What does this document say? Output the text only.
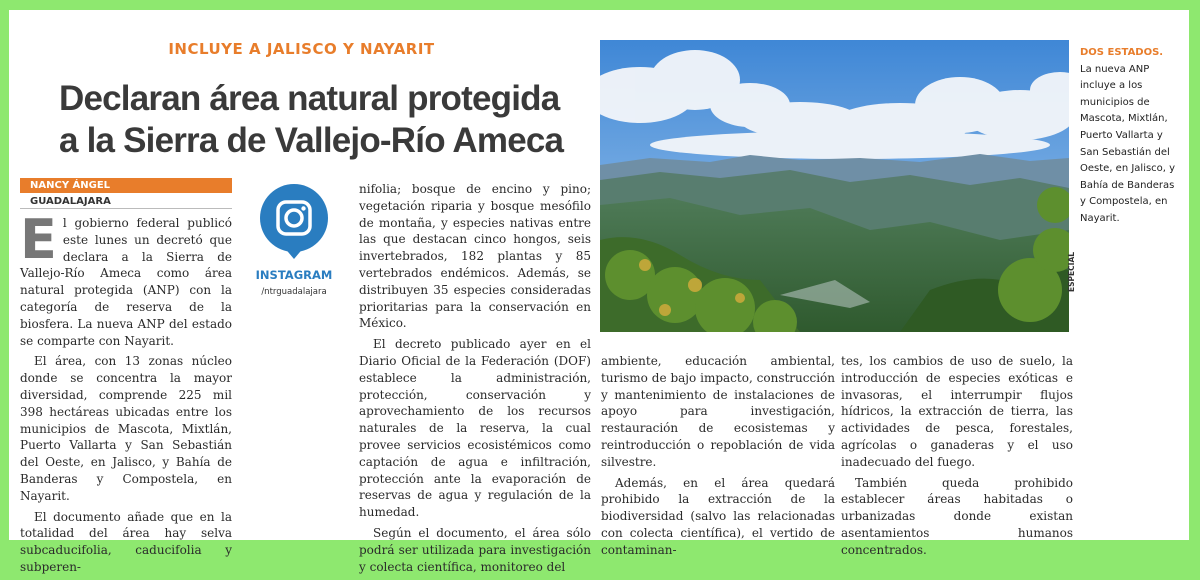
INCLUYE A JALISCO Y NAYARIT
Declaran área natural protegida
a la Sierra de Vallejo-Río Ameca
NANCY ÁNGEL
GUADALAJARA

El gobierno federal publicó este lunes un decretó que declara a la Sierra de Vallejo-Río Ameca como área natural protegida (ANP) con la categoría de reserva de la biosfera. La nueva ANP del estado se comparte con Nayarit.

El área, con 13 zonas núcleo donde se concentra la mayor diversidad, comprende 225 mil 398 hectáreas ubicadas entre los municipios de Mascota, Mixtlán, Puerto Vallarta y San Sebastián del Oeste, en Jalisco, y Bahía de Banderas y Compostela, en Nayarit.

El documento añade que en la totalidad del área hay selva subcaducifolia, caducifolia y subperen-

INSTAGRAM
/ntrguadalajara

nifolia; bosque de encino y pino; vegetación riparia y bosque mesófilo de montaña, y especies nativas entre las que destacan cinco hongos, seis invertebrados, 182 plantas y 85 vertebrados endémicos. Además, se distribuyen 35 especies consideradas prioritarias para la conservación en México.

El decreto publicado ayer en el Diario Oficial de la Federación (DOF) establece la administración, protección, conservación y aprovechamiento de los recursos naturales de la reserva, la cual provee servicios ecosistémicos como captación de agua e infiltración, protección ante la evaporación de reservas de agua y regulación de la humedad.

Según el documento, el área sólo podrá ser utilizada para investigación y colecta científica, monitoreo del

ESPECIAL
DOS ESTADOS.
La nueva ANP incluye a los municipios de Mascota, Mixtlán, Puerto Vallarta y San Sebastián del Oeste, en Jalisco, y Bahía de Banderas y Compostela, en Nayarit.

ambiente, educación ambiental, turismo de bajo impacto, construcción y mantenimiento de instalaciones de apoyo para investigación, restauración de ecosistemas y reintroducción o repoblación de vida silvestre.

Además, en el área quedará prohibido la extracción de la biodiversidad (salvo las relacionadas con colecta científica), el vertido de contaminan-

tes, los cambios de uso de suelo, la introducción de especies exóticas e invasoras, el interrumpir flujos hídricos, la extracción de tierra, las actividades de pesca, forestales, agrícolas o ganaderas y el uso inadecuado del fuego.

También queda prohibido establecer áreas habitadas o urbanizadas donde existan asentamientos humanos concentrados.
